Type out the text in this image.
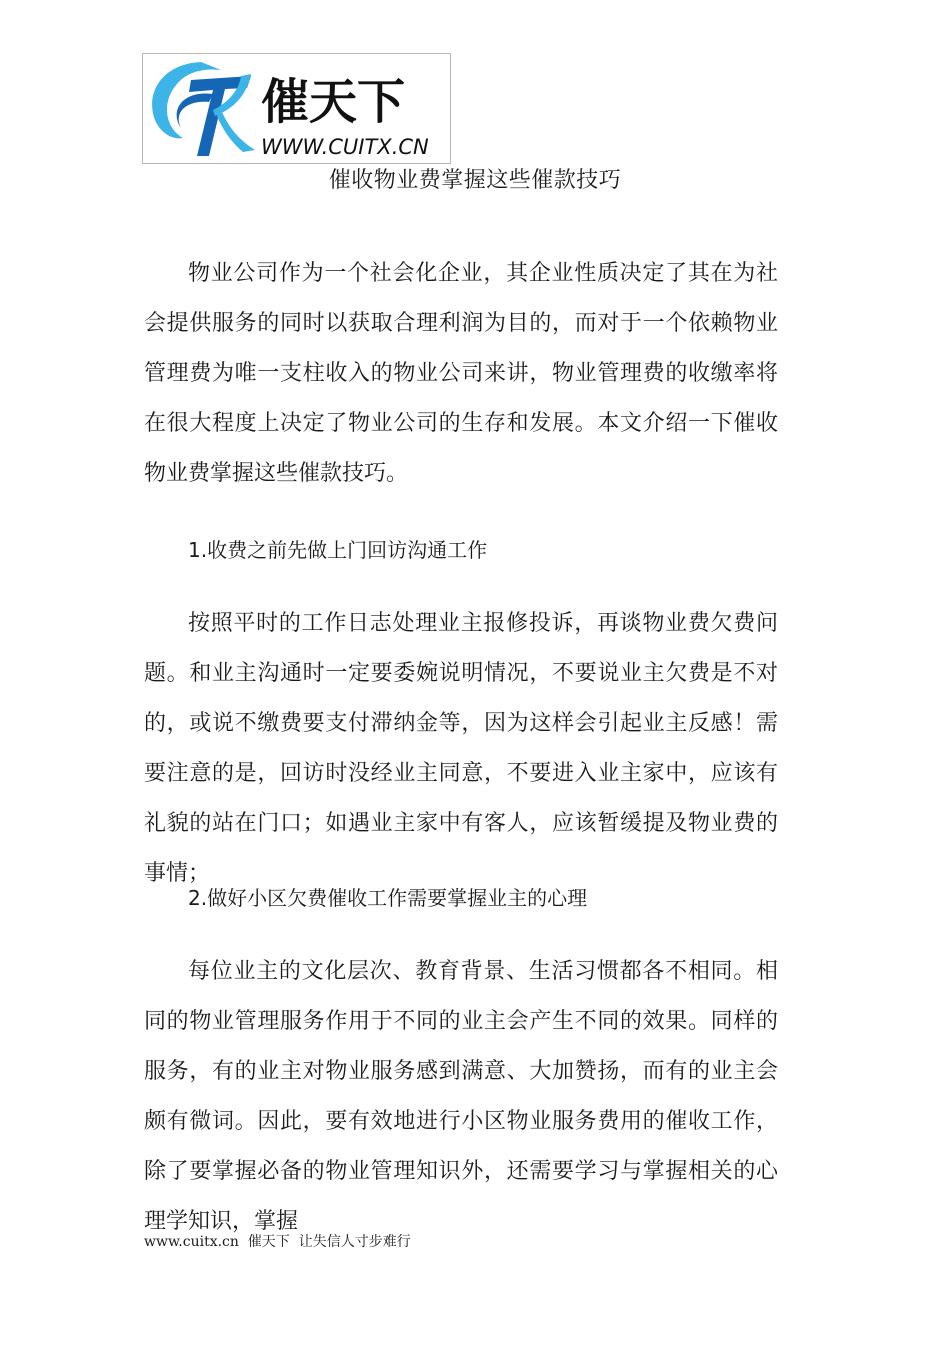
催天下
WWW.CUITX.CN
催收物业费掌握这些催款技巧

物业公司作为一个社会化企业，其企业性质决定了其在为社会提供服务的同时以获取合理利润为目的，而对于一个依赖物业管理费为唯一支柱收入的物业公司来讲，物业管理费的收缴率将在很大程度上决定了物业公司的生存和发展。本文介绍一下催收物业费掌握这些催款技巧。

1.收费之前先做上门回访沟通工作

按照平时的工作日志处理业主报修投诉，再谈物业费欠费问题。和业主沟通时一定要委婉说明情况，不要说业主欠费是不对的，或说不缴费要支付滞纳金等，因为这样会引起业主反感！需要注意的是，回访时没经业主同意，不要进入业主家中，应该有礼貌的站在门口；如遇业主家中有客人，应该暂缓提及物业费的事情；

2.做好小区欠费催收工作需要掌握业主的心理

每位业主的文化层次、教育背景、生活习惯都各不相同。相同的物业管理服务作用于不同的业主会产生不同的效果。同样的服务，有的业主对物业服务感到满意、大加赞扬，而有的业主会颇有微词。因此，要有效地进行小区物业服务费用的催收工作，除了要掌握必备的物业管理知识外，还需要学习与掌握相关的心理学知识，掌握

www.cuitx.cn  催天下  让失信人寸步难行
